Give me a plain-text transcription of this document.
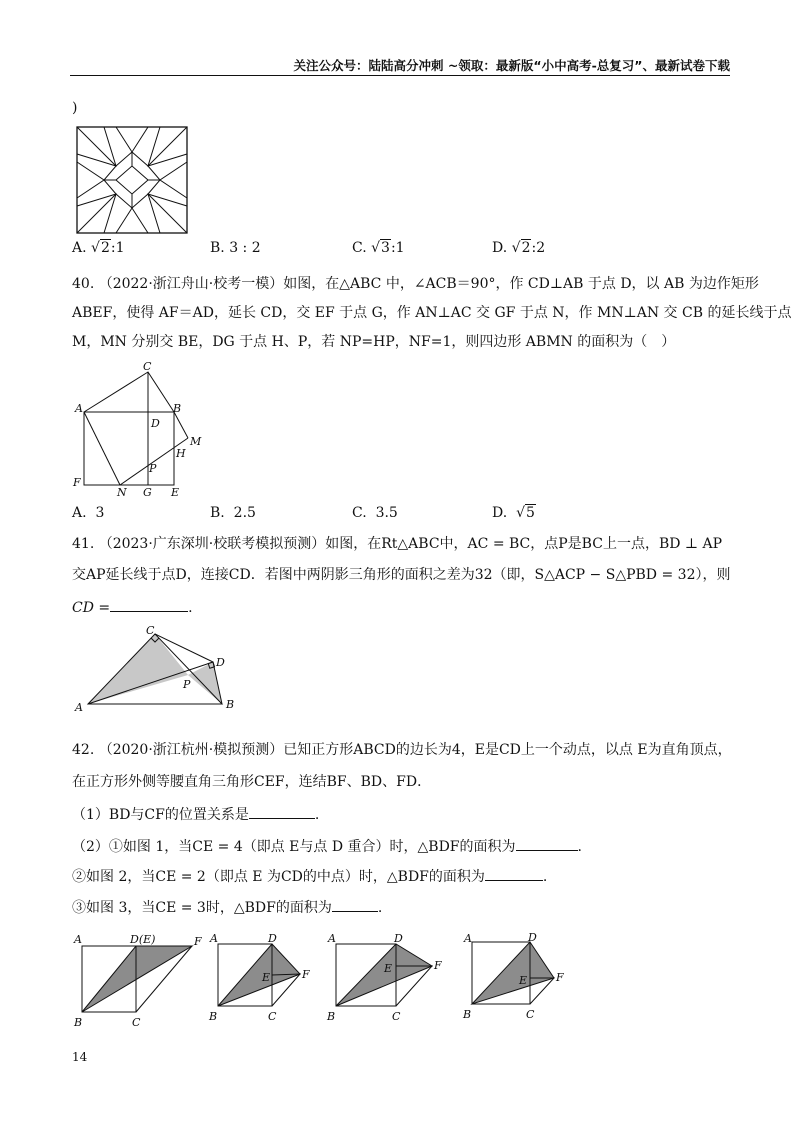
关注公众号：陆陆高分冲刺 ~领取：最新版“小中高考-总复习”、最新试卷下载
)
A. √2:1	B. 3 : 2	C. √3:1	D. √2:2
40. （2022·浙江舟山·校考一模）如图，在△ABC 中，∠ACB＝90°，作 CD⊥AB 于点 D，以 AB 为边作矩形
ABEF，使得 AF＝AD，延长 CD，交 EF 于点 G，作 AN⊥AC 交 GF 于点 N，作 MN⊥AN 交 CB 的延长线于点
M，MN 分别交 BE，DG 于点 H、P，若 NP=HP，NF=1，则四边形 ABMN 的面积为（　）
C
A	B
D
M
H
P
F
N G E
A. 3	B. 2.5	C. 3.5	D.  √5
41. （2023·广东深圳·校联考模拟预测）如图，在Rt△ABC中，AC = BC，点P是BC上一点，BD ⊥ AP
交AP延长线于点D，连接CD．若图中两阴影三角形的面积之差为32（即，S△ACP − S△PBD = 32），则
CD =	.
C
D
P
A	B
42. （2020·浙江杭州·模拟预测）已知正方形ABCD的边长为4，E是CD上一个动点，以点 E为直角顶点，
在正方形外侧等腰直角三角形CEF，连结BF、BD、FD．
（1）BD与CF的位置关系是	.
（2）①如图 1，当CE = 4（即点 E与点 D 重合）时，△BDF的面积为	.
②如图 2，当CE = 2（即点 E 为CD的中点）时，△BDF的面积为	.
③如图 3，当CE = 3时，△BDF的面积为	.
A	D(E)	F
B	C
A	D
E	F
B	C
A	D
E	F
B	C
A	D
E	F
B	C
14
